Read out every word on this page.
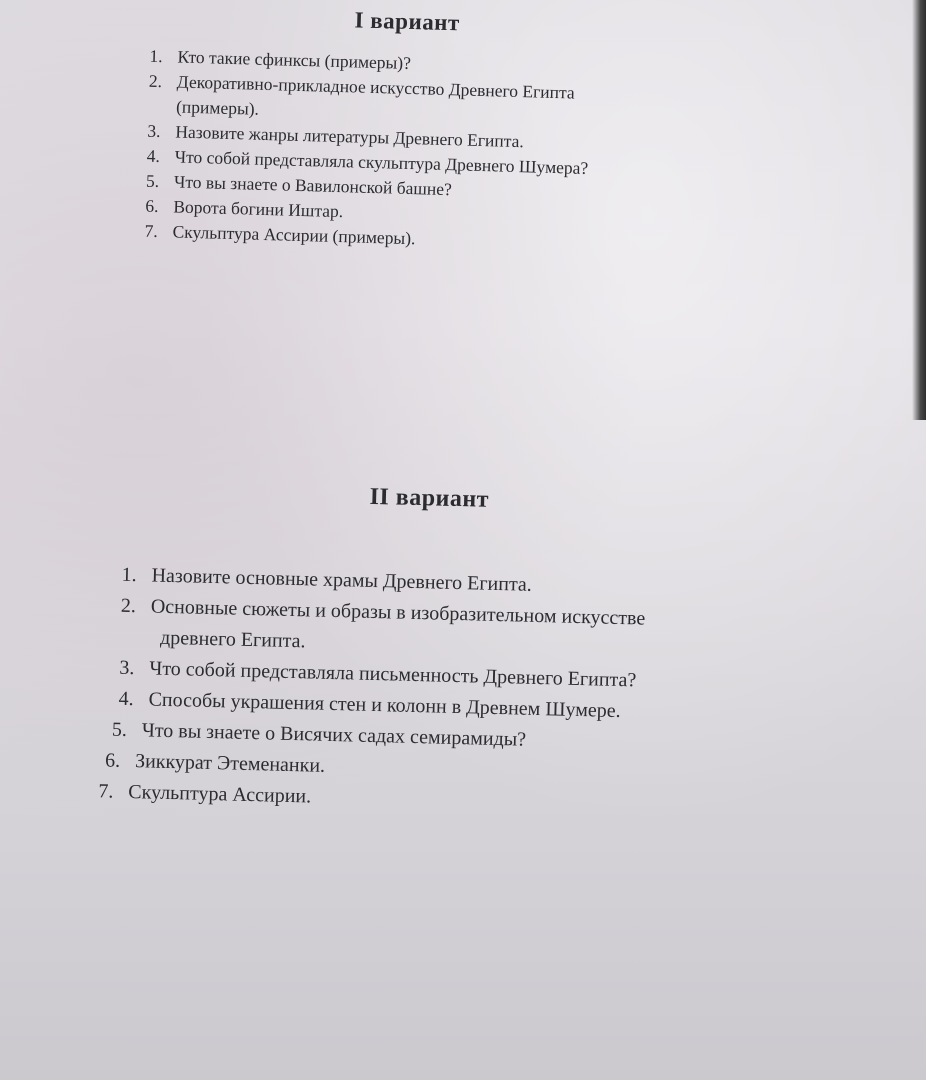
I вариант
1. Кто такие сфинксы (примеры)?
2. Декоративно-прикладное искусство Древнего Египта
(примеры).
3. Назовите жанры литературы Древнего Египта.
4. Что собой представляла скульптура Древнего Шумера?
5. Что вы знаете о Вавилонской башне?
6. Ворота богини Иштар.
7. Скульптура Ассирии (примеры).
II вариант
1. Назовите основные храмы Древнего Египта.
2. Основные сюжеты и образы в изобразительном искусстве
древнего Египта.
3. Что собой представляла письменность Древнего Египта?
4. Способы украшения стен и колонн в Древнем Шумере.
5. Что вы знаете о Висячих садах семирамиды?
6. Зиккурат Этеменанки.
7. Скульптура Ассирии.
